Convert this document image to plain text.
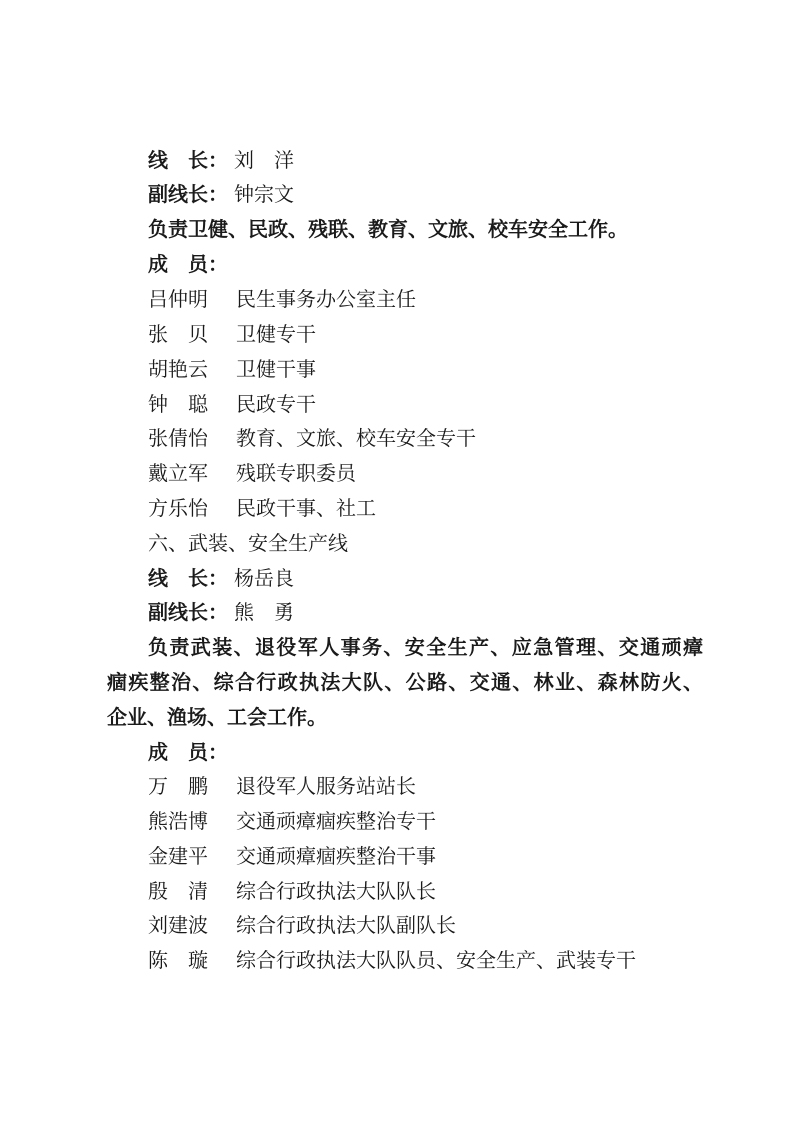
线　长： 刘　洋
副线长： 钟宗文
负责卫健、民政、残联、教育、文旅、校车安全工作。
成　员：
吕仲明 民生事务办公室主任
张　贝 卫健专干
胡艳云 卫健干事
钟　聪 民政专干
张倩怡 教育、文旅、校车安全专干
戴立军 残联专职委员
方乐怡 民政干事、社工
六、武装、安全生产线
线　长： 杨岳良
副线长： 熊　勇
负责武装、退役军人事务、安全生产、应急管理、交通顽瘴
痼疾整治、综合行政执法大队、公路、交通、林业、森林防火、
企业、渔场、工会工作。
成　员：
万　鹏 退役军人服务站站长
熊浩博 交通顽瘴痼疾整治专干
金建平 交通顽瘴痼疾整治干事
殷　清 综合行政执法大队队长
刘建波 综合行政执法大队副队长
陈　璇 综合行政执法大队队员、安全生产、武装专干
